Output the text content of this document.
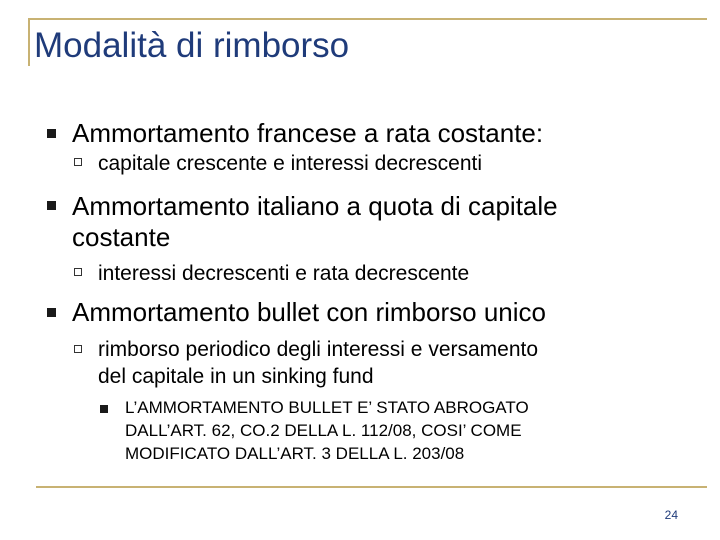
Modalità di rimborso
Ammortamento francese a rata costante:
capitale crescente e interessi decrescenti
Ammortamento italiano a quota di capitale
costante
interessi decrescenti e rata decrescente
Ammortamento bullet con rimborso unico
rimborso periodico degli interessi e versamento
del capitale in un sinking fund
L’AMMORTAMENTO BULLET E’ STATO ABROGATO
DALL’ART. 62, CO.2 DELLA L. 112/08, COSI’ COME
MODIFICATO DALL’ART. 3 DELLA L. 203/08
24
